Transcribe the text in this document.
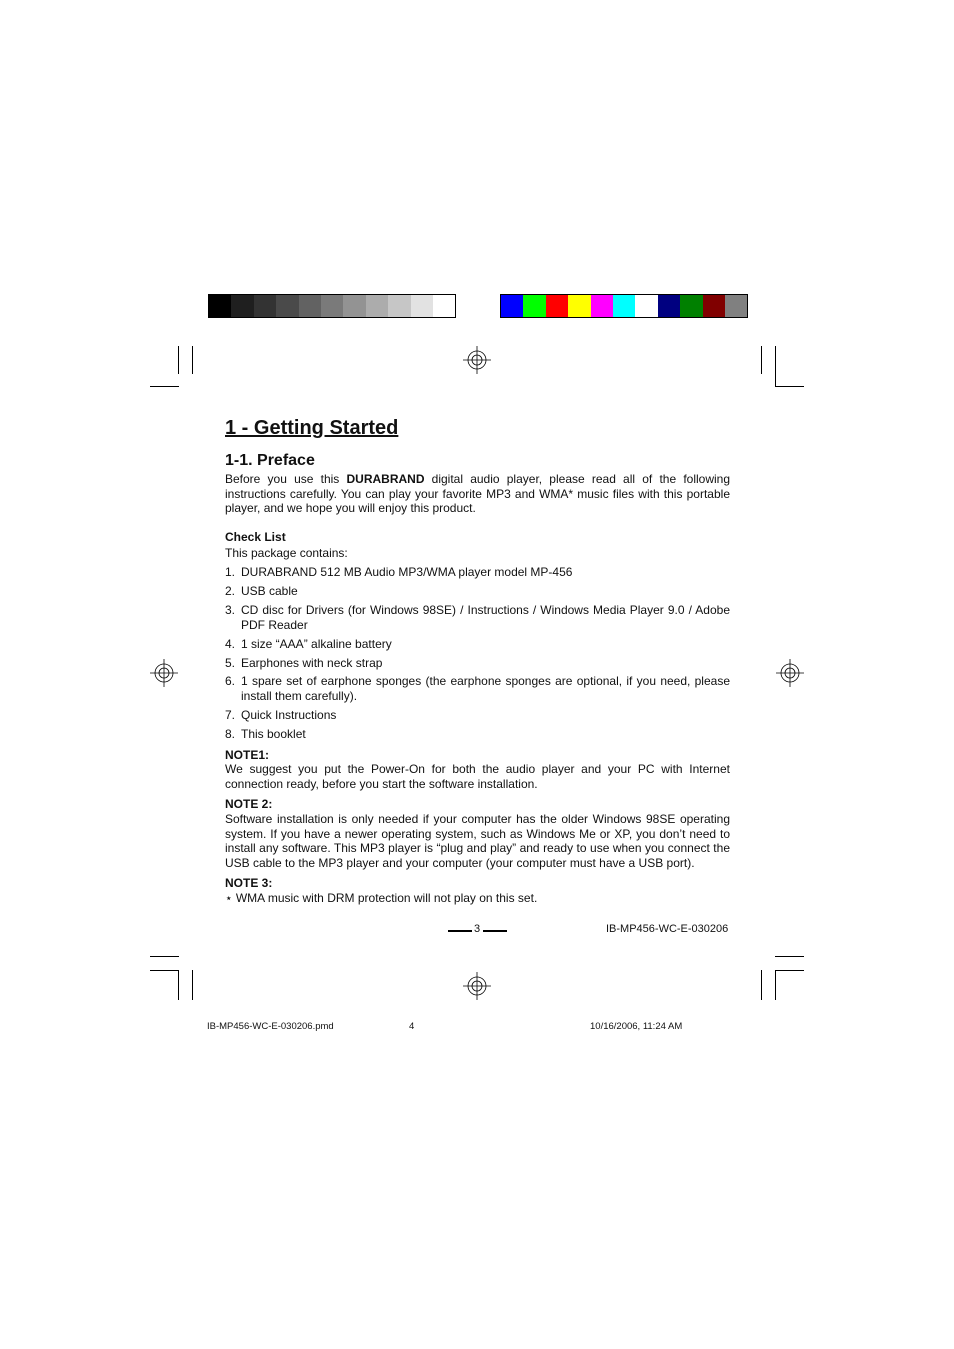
1 - Getting Started
1-1. Preface

Before you use this DURABRAND digital audio player, please read all of the following instructions carefully. You can play your favorite MP3 and WMA* music files with this portable player, and we hope you will enjoy this product.

Check List

This package contains:

1. DURABRAND 512 MB Audio MP3/WMA player model MP-456
2. USB cable
3. CD disc for Drivers (for Windows 98SE) / Instructions / Windows Media Player 9.0 / Adobe PDF Reader
4. 1 size “AAA” alkaline battery
5. Earphones with neck strap
6. 1 spare set of earphone sponges (the earphone sponges are optional, if you need, please install them carefully).
7. Quick Instructions
8. This booklet

NOTE1:

We suggest you put the Power-On for both the audio player and your PC with Internet connection ready, before you start the software installation.

NOTE 2:

Software installation is only needed if your computer has the older Windows 98SE operating system. If you have a newer operating system, such as Windows Me or XP, you don’t need to install any software. This MP3 player is “plug and play” and ready to use when you connect the USB cable to the MP3 player and your computer (your computer must have a USB port).

NOTE 3:

⋆ WMA music with DRM protection will not play on this set.

3	IB-MP456-WC-E-030206
IB-MP456-WC-E-030206.pmd	4	10/16/2006, 11:24 AM
